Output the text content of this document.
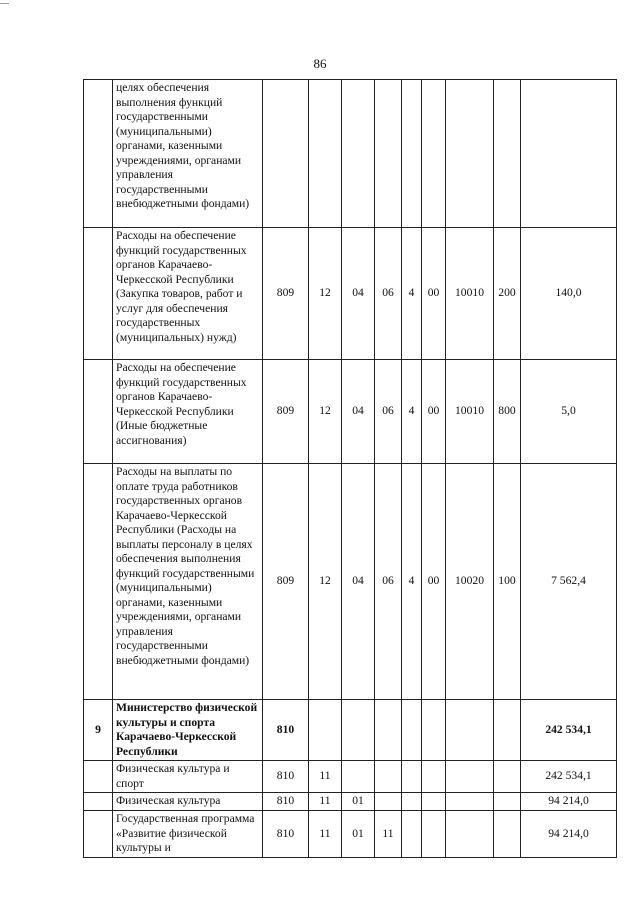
86
	целях обеспечения выполнения функций государственными (муниципальными) органами, казенными учреждениями, органами управления государственными внебюджетными фондами)									
	Расходы на обеспечение функций государственных органов Карачаево-Черкесской Республики (Закупка товаров, работ и услуг для обеспечения государственных (муниципальных) нужд)	809	12	04	06	4	00	10010	200	140,0
	Расходы на обеспечение функций государственных органов Карачаево-Черкесской Республики (Иные бюджетные ассигнования)	809	12	04	06	4	00	10010	800	5,0
	Расходы на выплаты по оплате труда работников государственных органов Карачаево-Черкесской Республики (Расходы на выплаты персоналу в целях обеспечения выполнения функций государственными (муниципальными) органами, казенными учреждениями, органами управления государственными внебюджетными фондами)	809	12	04	06	4	00	10020	100	7 562,4
9	Министерство физической культуры и спорта Карачаево-Черкесской Республики	810								242 534,1
	Физическая культура и спорт	810	11							242 534,1
	Физическая культура	810	11	01						94 214,0
	Государственная программа «Развитие физической культуры и	810	11	01	11					94 214,0
